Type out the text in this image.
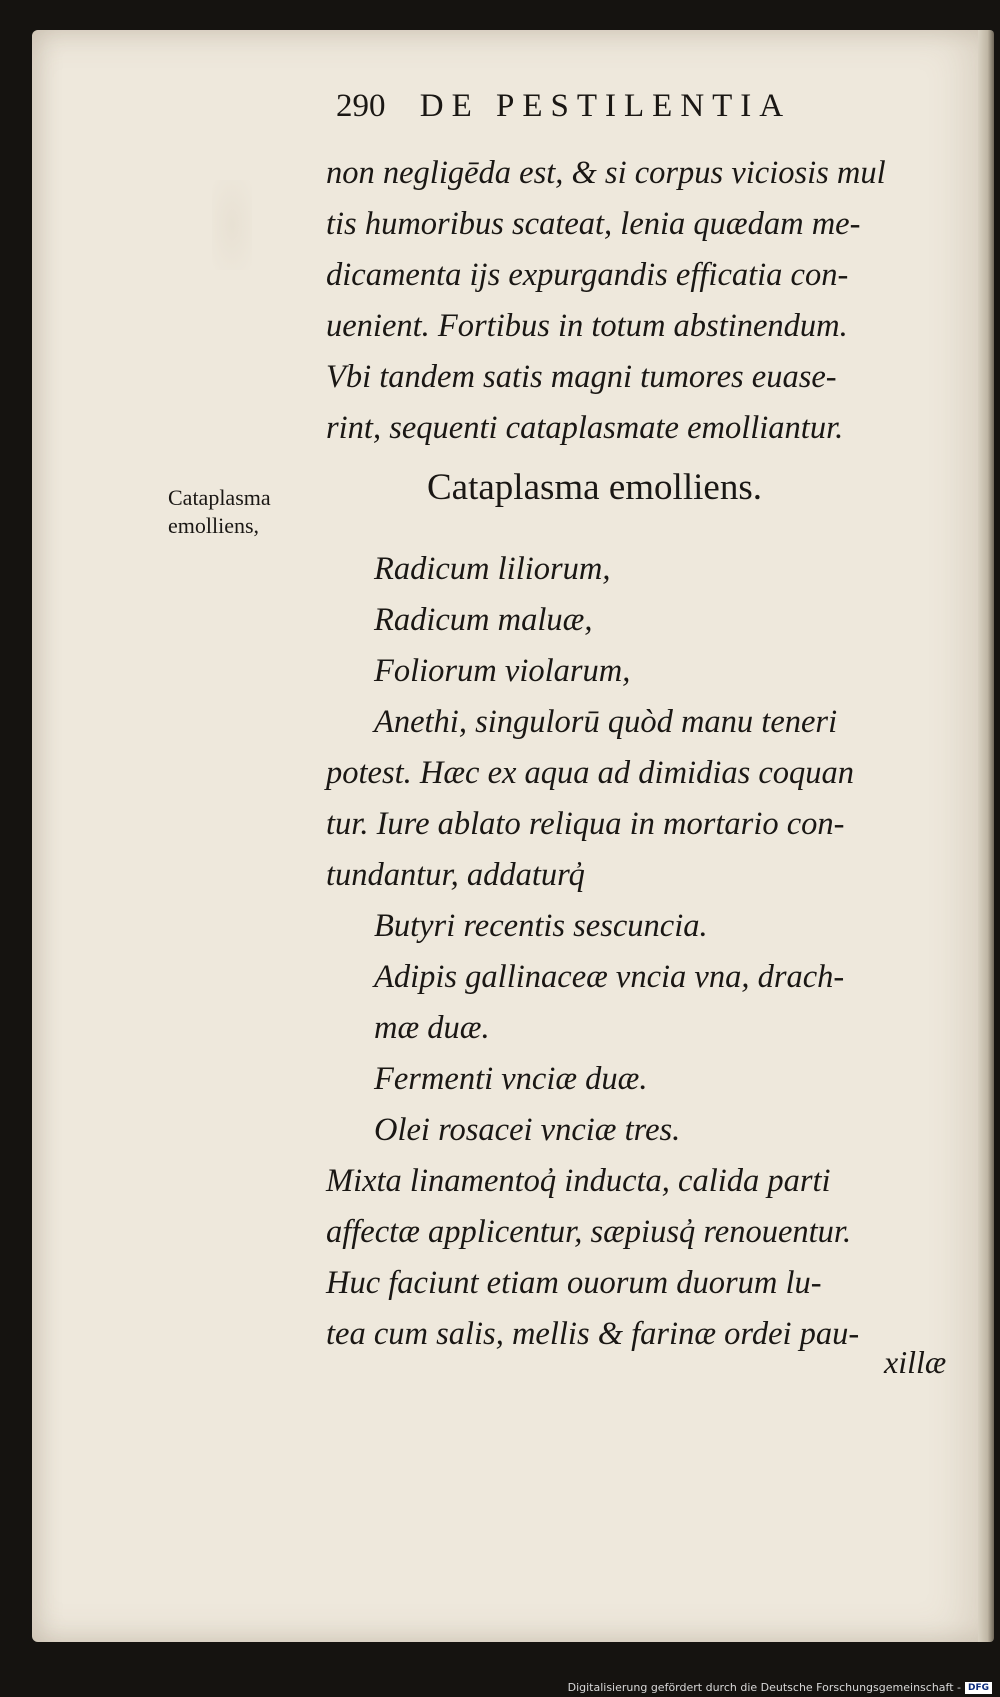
290 DE PESTILENTIA
non negligēda est, & si corpus viciosis mul
tis humoribus scateat, lenia quædam me-
dicamenta ijs expurgandis efficatia con-
uenient. Fortibus in totum abstinendum.
Vbi tandem satis magni tumores euase-
rint, sequenti cataplasmate emolliantur.
Cataplasma
emolliens,
Cataplasma emolliens.
Radicum liliorum,
Radicum maluæ,
Foliorum violarum,
Anethi, singulorū quòd manu teneri
potest. Hæc ex aqua ad dimidias coquan
tur. Iure ablato reliqua in mortario con-
tundantur, addaturq̓
Butyri recentis sescuncia.
Adipis gallinaceæ vncia vna, drach-
mæ duæ.
Fermenti vnciæ duæ.
Olei rosacei vnciæ tres.
Mixta linamentoq̓ inducta, calida parti
affectæ applicentur, sæpiusq̓ renouentur.
Huc faciunt etiam ouorum duorum lu-
tea cum salis, mellis & farinæ ordei pau-
xillæ
Digitalisierung gefördert durch die Deutsche Forschungsgemeinschaft - DFG
